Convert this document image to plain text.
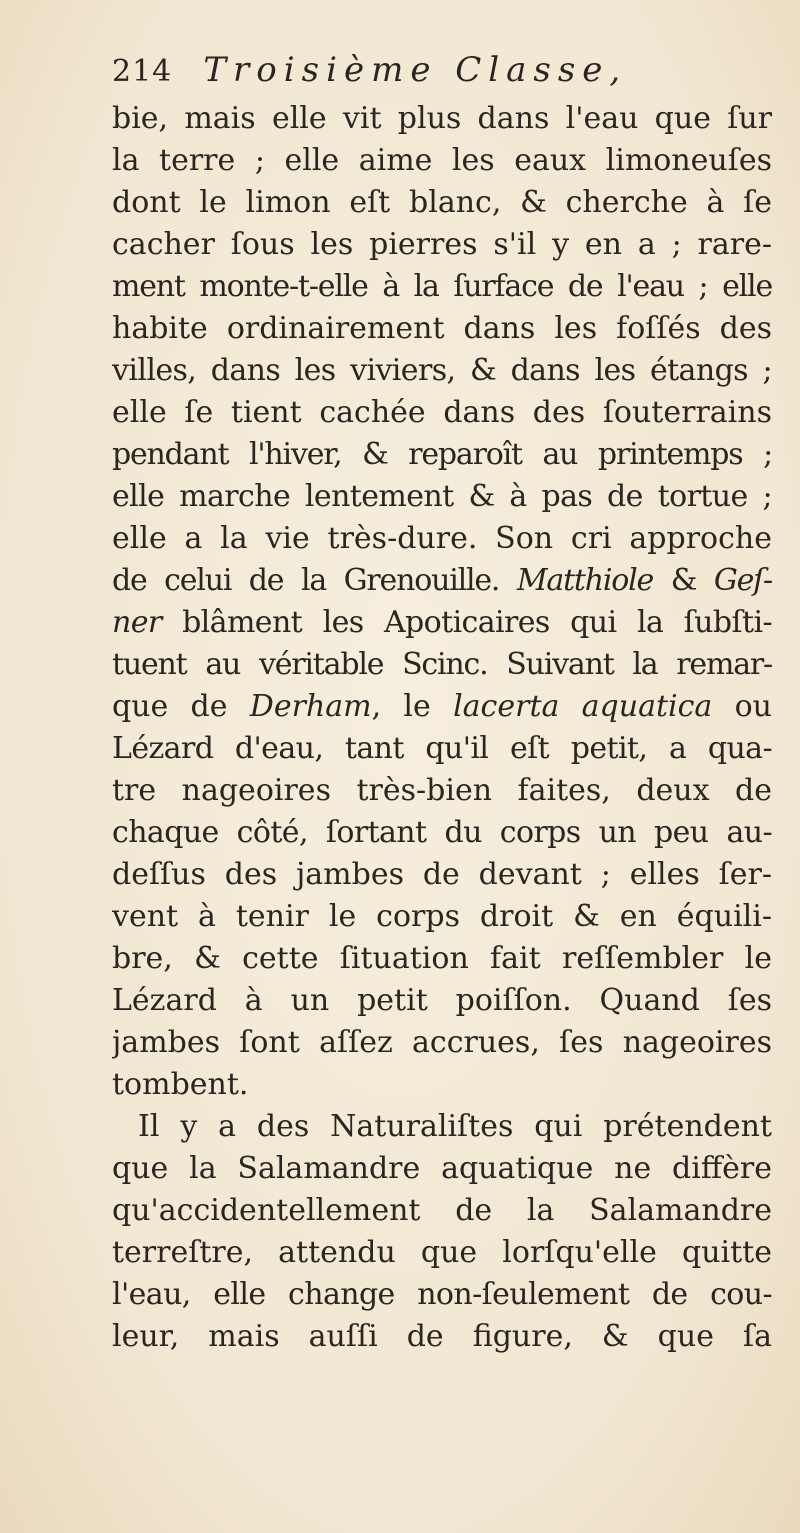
214 Troisième Classe,
bie, mais elle vit plus dans l'eau que ſur
la terre ; elle aime les eaux limoneuſes
dont le limon eſt blanc, & cherche à ſe
cacher ſous les pierres s'il y en a ; rare-
ment monte-t-elle à la ſurface de l'eau ; elle
habite ordinairement dans les foſſés des
villes, dans les viviers, & dans les étangs ;
elle ſe tient cachée dans des ſouterrains
pendant l'hiver, & reparoît au printemps ;
elle marche lentement & à pas de tortue ;
elle a la vie très-dure. Son cri approche
de celui de la Grenouille. Matthiole & Geſ-
ner blâment les Apoticaires qui la ſubſti-
tuent au véritable Scinc. Suivant la remar-
que de Derham, le lacerta aquatica ou
Lézard d'eau, tant qu'il eſt petit, a qua-
tre nageoires très-bien faites, deux de
chaque côté, ſortant du corps un peu au-
deſſus des jambes de devant ; elles ſer-
vent à tenir le corps droit & en équili-
bre, & cette ſituation fait reſſembler le
Lézard à un petit poiſſon. Quand ſes
jambes ſont aſſez accrues, ſes nageoires
tombent.
Il y a des Naturaliſtes qui prétendent
que la Salamandre aquatique ne diffère
qu'accidentellement de la Salamandre
terreſtre, attendu que lorſqu'elle quitte
l'eau, elle change non-ſeulement de cou-
leur, mais auſſi de figure, & que ſa
